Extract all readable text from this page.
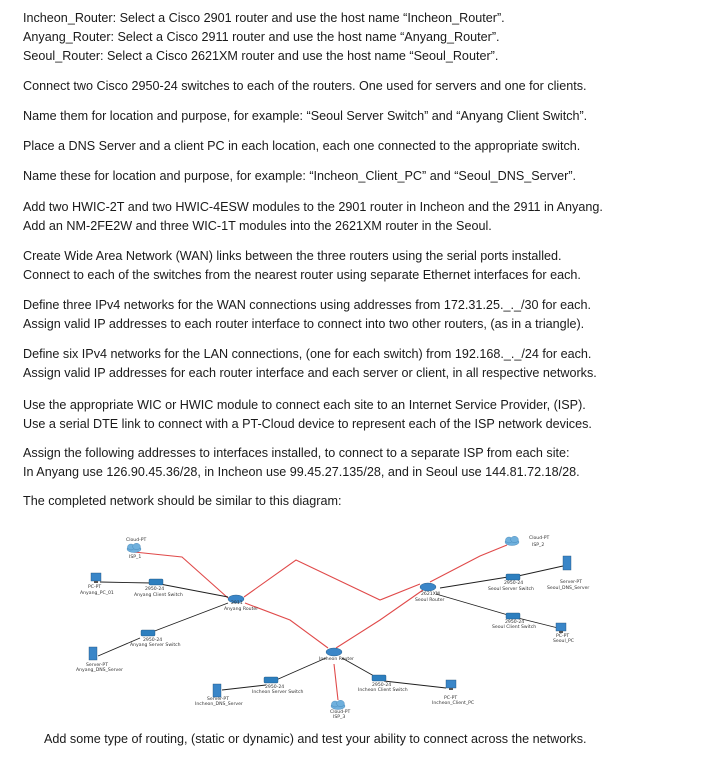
Incheon_Router: Select a Cisco 2901 router and use the host name “Incheon_Router”.
Anyang_Router: Select a Cisco 2911 router and use the host name “Anyang_Router”.
Seoul_Router: Select a Cisco 2621XM router and use the host name “Seoul_Router”.
Connect two Cisco 2950-24 switches to each of the routers. One used for servers and one for clients.
Name them for location and purpose, for example: “Seoul Server Switch” and “Anyang Client Switch”.
Place a DNS Server and a client PC in each location, each one connected to the appropriate switch.
Name these for location and purpose, for example: “Incheon_Client_PC” and “Seoul_DNS_Server”.
Add two HWIC-2T and two HWIC-4ESW modules to the 2901 router in Incheon and the 2911 in Anyang.
Add an NM-2FE2W and three WIC-1T modules into the 2621XM router in the Seoul.
Create Wide Area Network (WAN) links between the three routers using the serial ports installed.
Connect to each of the switches from the nearest router using separate Ethernet interfaces for each.
Define three IPv4 networks for the WAN connections using addresses from 172.31.25._._/30 for each.
Assign valid IP addresses to each router interface to connect into two other routers, (as in a triangle).
Define six IPv4 networks for the LAN connections, (one for each switch) from 192.168._._/24 for each.
Assign valid IP addresses for each router interface and each server or client, in all respective networks.
Use the appropriate WIC or HWIC module to connect each site to an Internet Service Provider, (ISP).
Use a serial DTE link to connect with a PT-Cloud device to represent each of the ISP network devices.
Assign the following addresses to interfaces installed, to connect to a separate ISP from each site:
In Anyang use 126.90.45.36/28, in Incheon use 99.45.27.135/28, and in Seoul use 144.81.72.18/28.
The completed network should be similar to this diagram:
Cloud-PT
ISP_1
PC-PT
Anyang_PC_01
2950-24
Anyang Client Switch
2911
Anyang Router
2950-24
Anyang Server Switch
Server-PT
Anyang_DNS_Server
Incheon Router
Server-PT
Incheon_DNS_Server
2950-24
Incheon Server Switch
2950-24
Incheon Client Switch
PC-PT
Incheon_Client_PC
Cloud-PT
ISP_3
2621XM
Seoul Router
Cloud-PT
ISP_2
2950-24
Seoul Server Switch
Server-PT
Seoul_DNS_Server
2950-24
Seoul Client Switch
PC-PT
Seoul_PC
Add some type of routing, (static or dynamic) and test your ability to connect across the networks.
